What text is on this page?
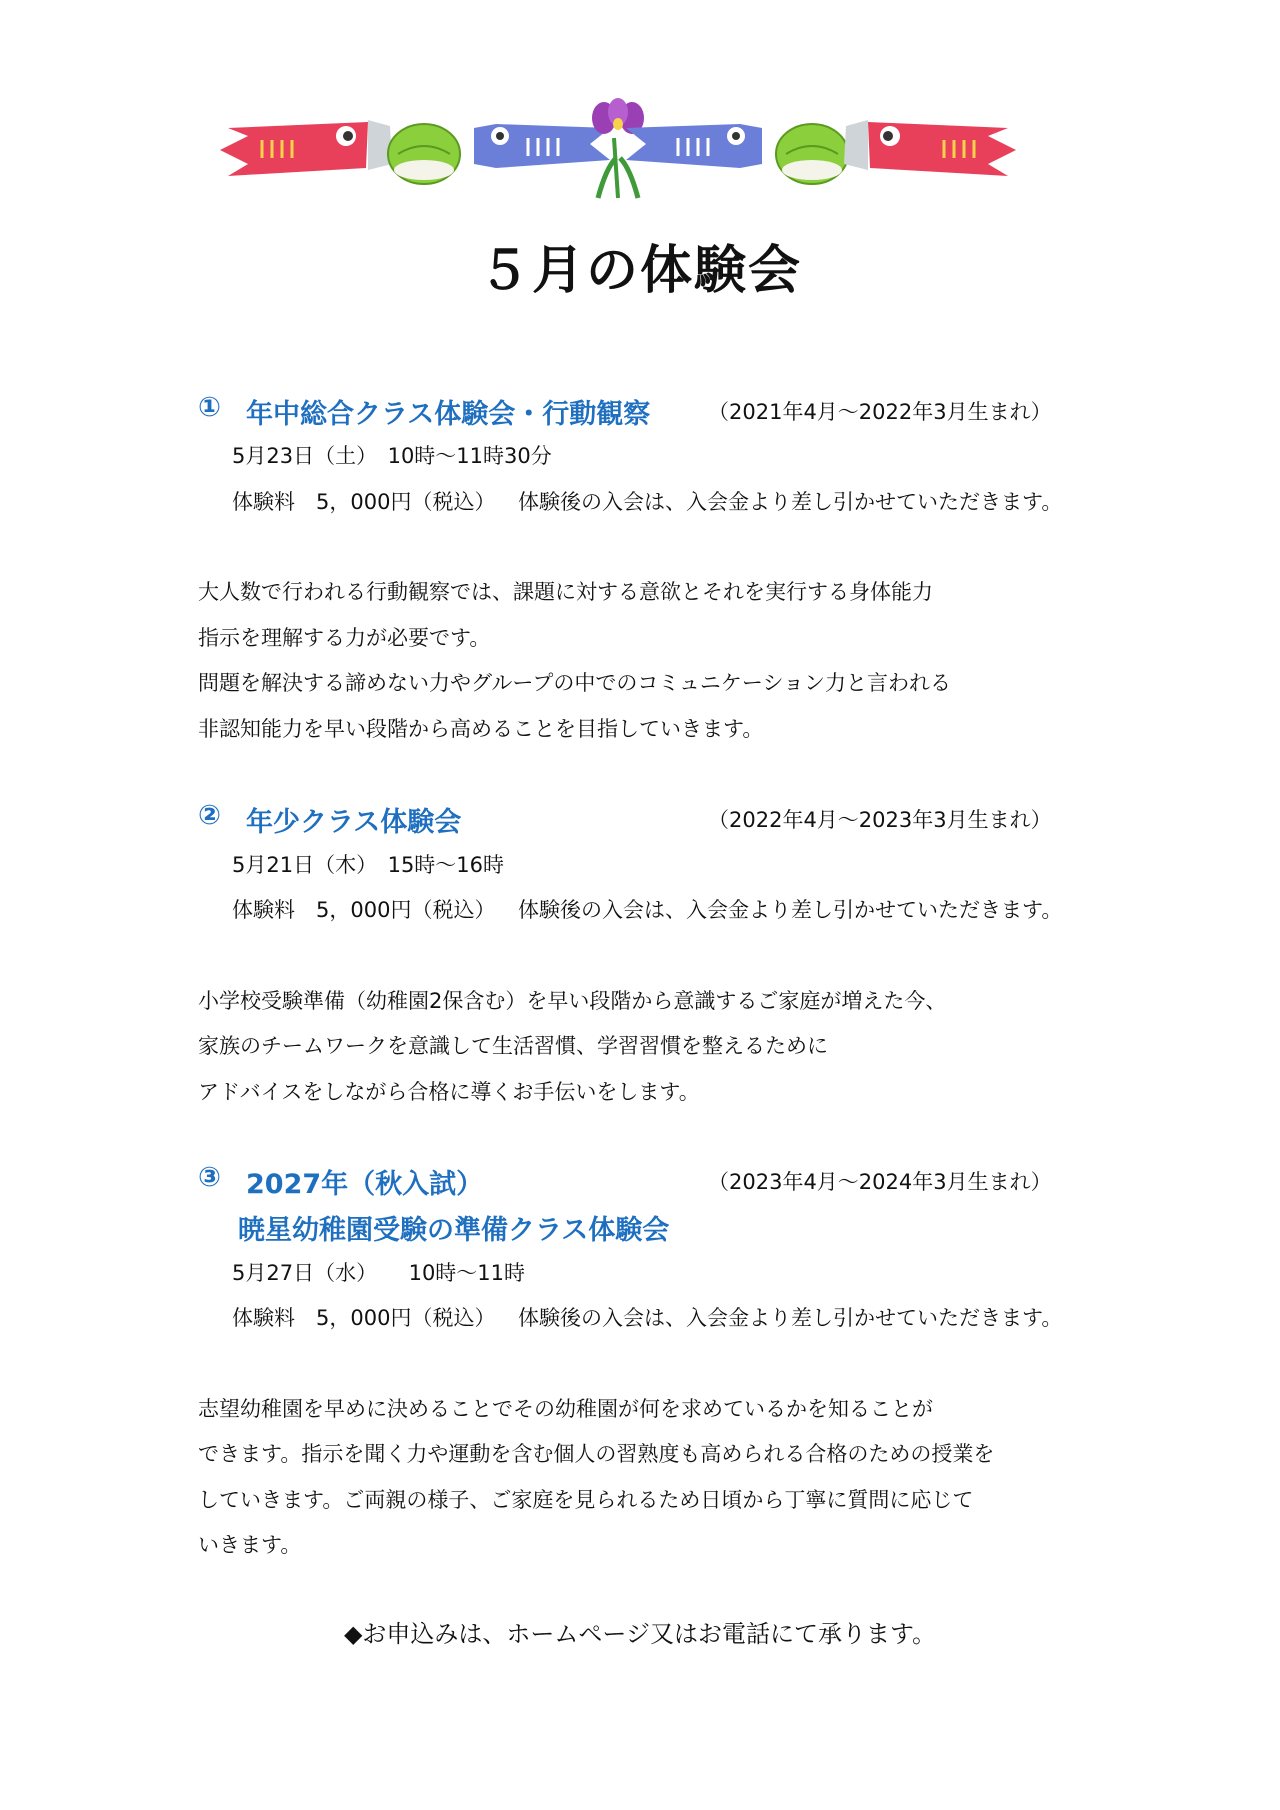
５月の体験会
① 年中総合クラス体験会・行動観察	（2021年4月～2022年3月生まれ）
5月23日（土）　10時～11時30分
体験料　5，000円（税込） 体験後の入会は、入会金より差し引かせていただきます。
大人数で行われる行動観察では、課題に対する意欲とそれを実行する身体能力
指示を理解する力が必要です。
問題を解決する諦めない力やグループの中でのコミュニケーション力と言われる
非認知能力を早い段階から高めることを目指していきます。
② 年少クラス体験会	（2022年4月～2023年3月生まれ）
5月21日（木）　15時～16時
体験料　5，000円（税込） 体験後の入会は、入会金より差し引かせていただきます。
小学校受験準備（幼稚園2保含む）を早い段階から意識するご家庭が増えた今、
家族のチームワークを意識して生活習慣、学習習慣を整えるために
アドバイスをしながら合格に導くお手伝いをします。
③ 2027年（秋入試）	（2023年4月～2024年3月生まれ）
暁星幼稚園受験の準備クラス体験会
5月27日（水）　　10時～11時
体験料　5，000円（税込） 体験後の入会は、入会金より差し引かせていただきます。
志望幼稚園を早めに決めることでその幼稚園が何を求めているかを知ることが
できます。指示を聞く力や運動を含む個人の習熟度も高められる合格のための授業を
していきます。ご両親の様子、ご家庭を見られるため日頃から丁寧に質問に応じて
いきます。
◆お申込みは、ホームページ又はお電話にて承ります。
